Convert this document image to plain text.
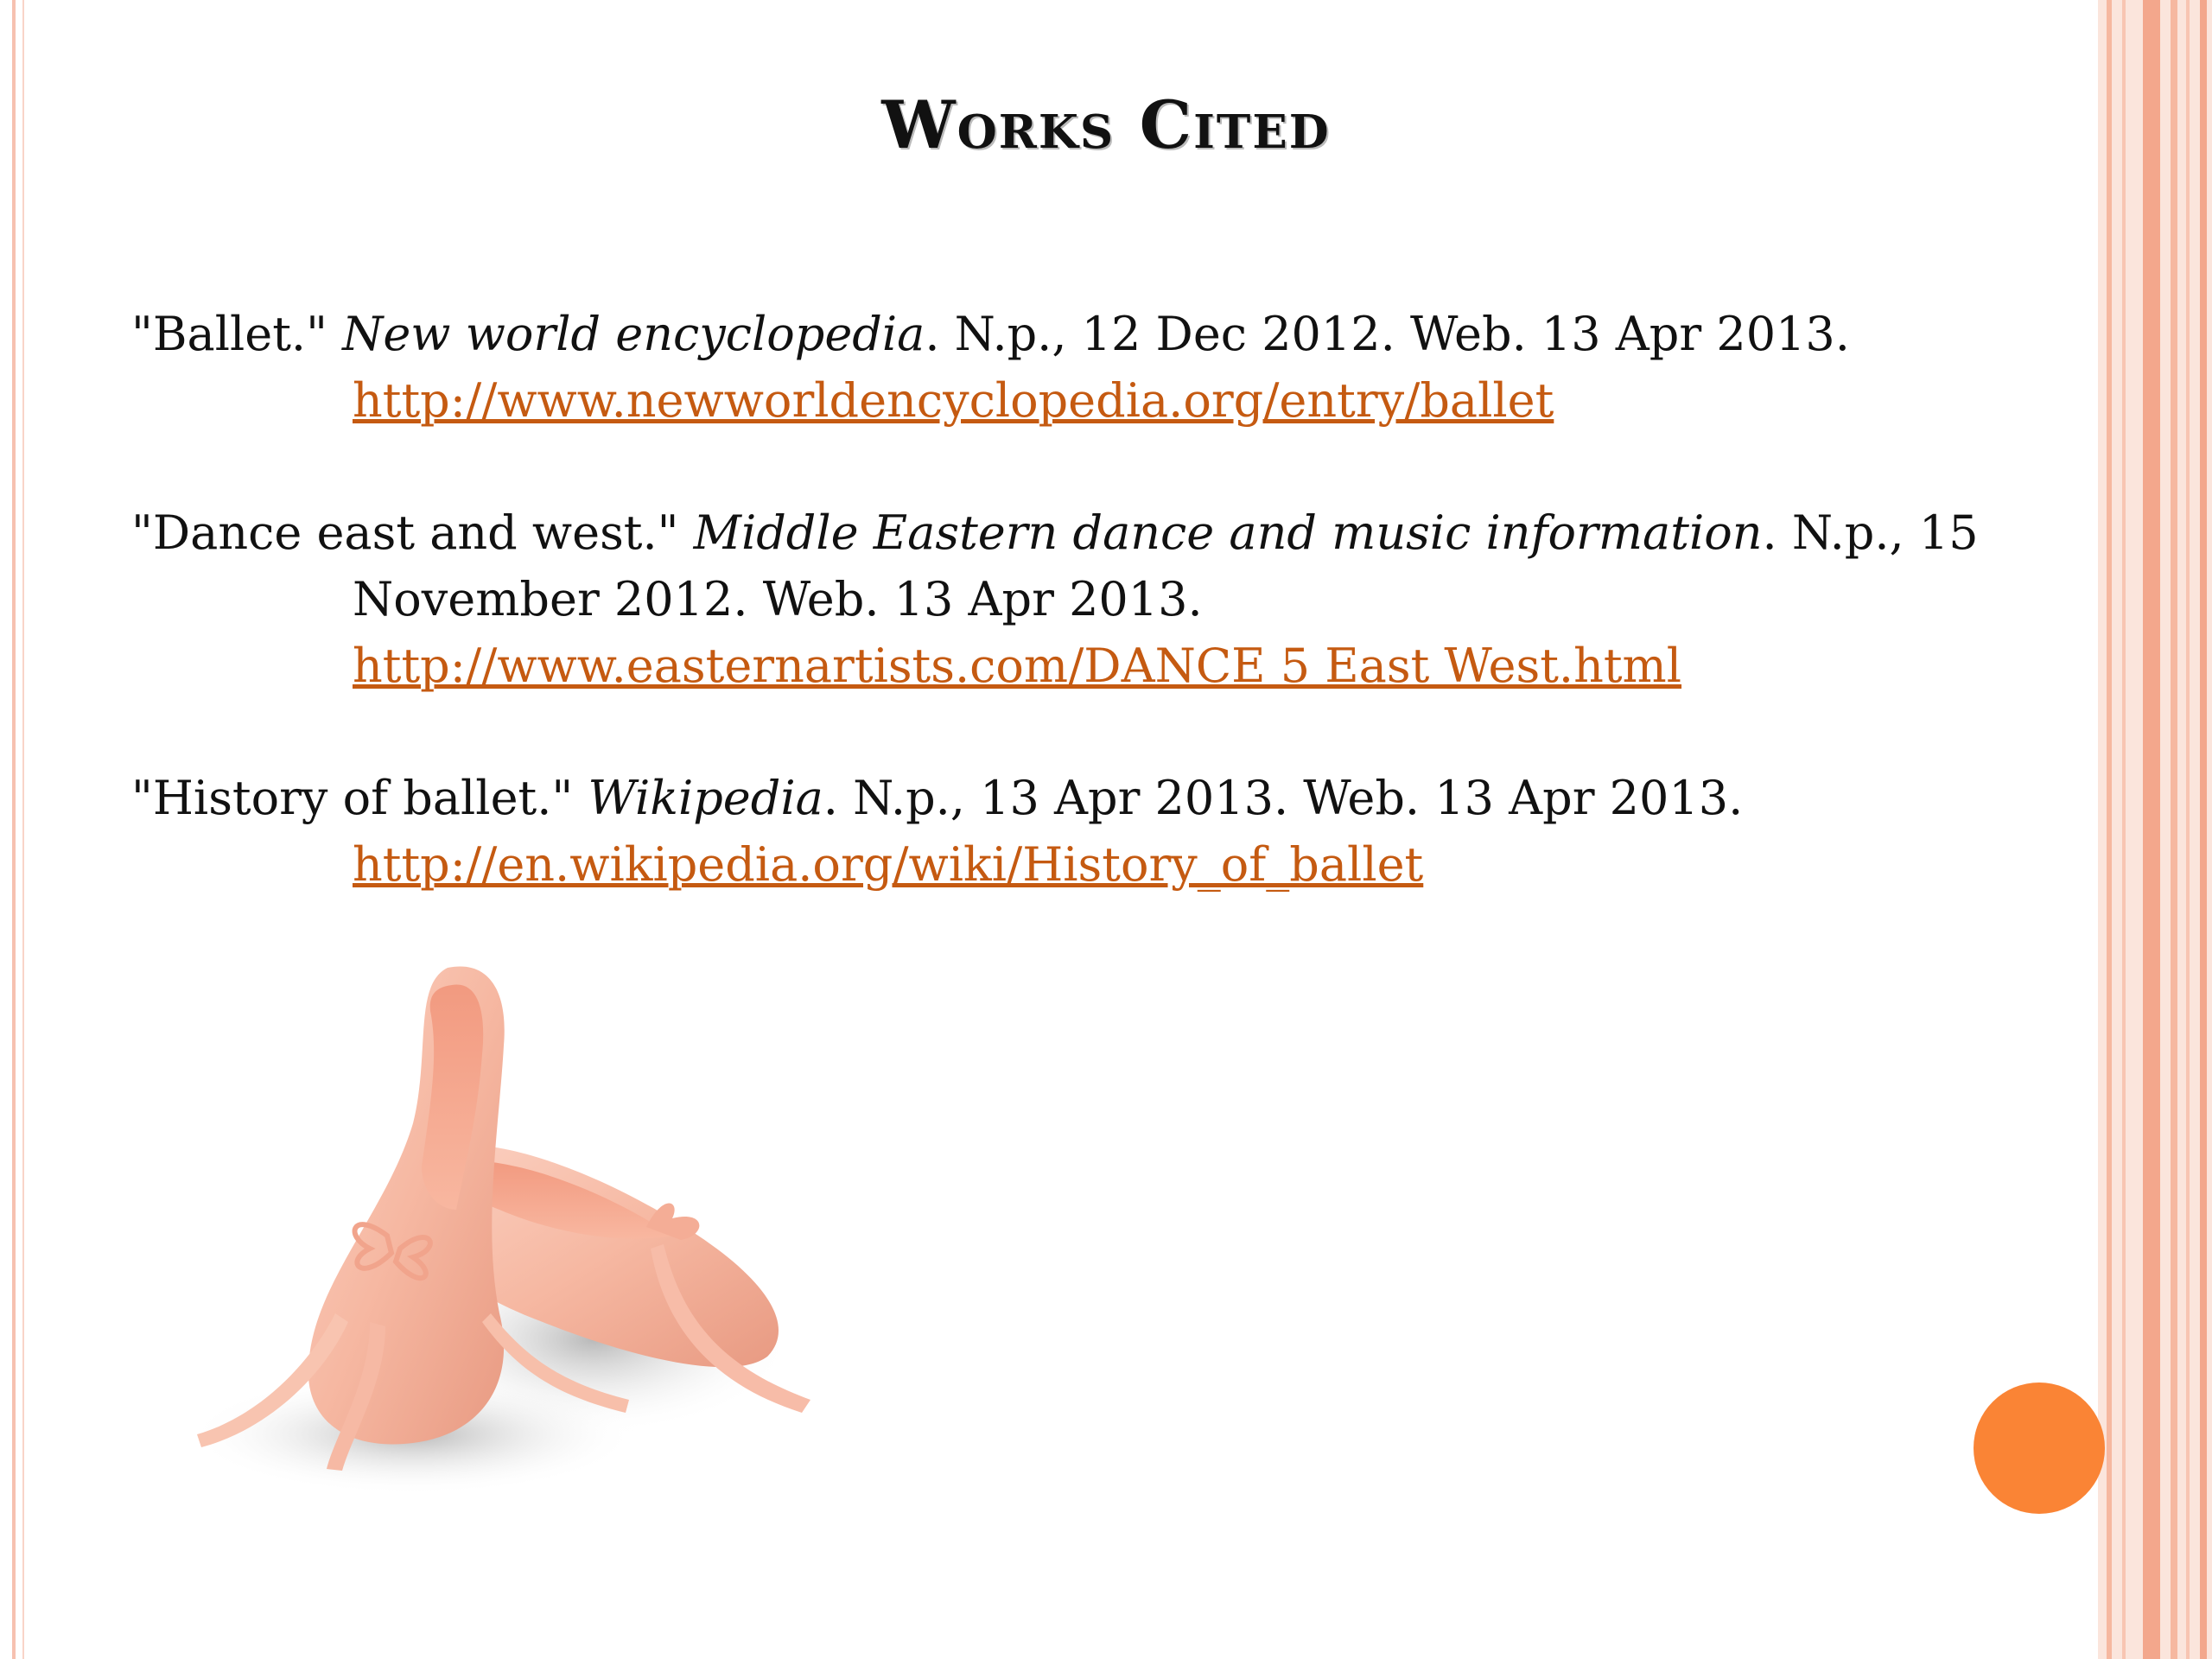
Works Cited

"Ballet." New world encyclopedia. N.p., 12 Dec 2012. Web. 13 Apr 2013. http://www.newworldencyclopedia.org/entry/ballet

"Dance east and west." Middle Eastern dance and music information. N.p., 15 November 2012. Web. 13 Apr 2013. http://www.easternartists.com/DANCE 5 East West.html

"History of ballet." Wikipedia. N.p., 13 Apr 2013. Web. 13 Apr 2013. http://en.wikipedia.org/wiki/History_of_ballet
